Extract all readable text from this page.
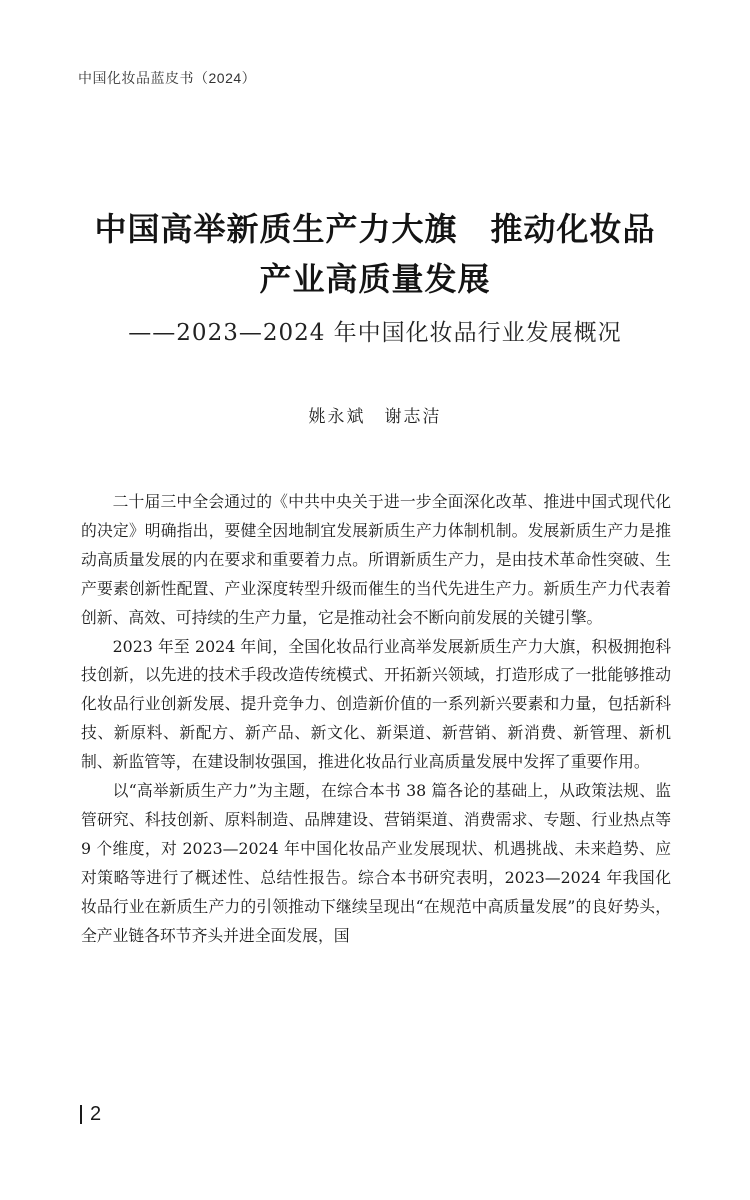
中国化妆品蓝皮书（2024）
中国高举新质生产力大旗　推动化妆品
产业高质量发展
——2023—2024 年中国化妆品行业发展概况
姚永斌　谢志洁

二十届三中全会通过的《中共中央关于进一步全面深化改革、推进中国式现代化的决定》明确指出，要健全因地制宜发展新质生产力体制机制。发展新质生产力是推动高质量发展的内在要求和重要着力点。所谓新质生产力，是由技术革命性突破、生产要素创新性配置、产业深度转型升级而催生的当代先进生产力。新质生产力代表着创新、高效、可持续的生产力量，它是推动社会不断向前发展的关键引擎。

2023 年至 2024 年间，全国化妆品行业高举发展新质生产力大旗，积极拥抱科技创新，以先进的技术手段改造传统模式、开拓新兴领域，打造形成了一批能够推动化妆品行业创新发展、提升竞争力、创造新价值的一系列新兴要素和力量，包括新科技、新原料、新配方、新产品、新文化、新渠道、新营销、新消费、新管理、新机制、新监管等，在建设制妆强国，推进化妆品行业高质量发展中发挥了重要作用。

以“高举新质生产力”为主题，在综合本书 38 篇各论的基础上，从政策法规、监管研究、科技创新、原料制造、品牌建设、营销渠道、消费需求、专题、行业热点等 9 个维度，对 2023—2024 年中国化妆品产业发展现状、机遇挑战、未来趋势、应对策略等进行了概述性、总结性报告。综合本书研究表明，2023—2024 年我国化妆品行业在新质生产力的引领推动下继续呈现出“在规范中高质量发展”的良好势头，全产业链各环节齐头并进全面发展，国

2
